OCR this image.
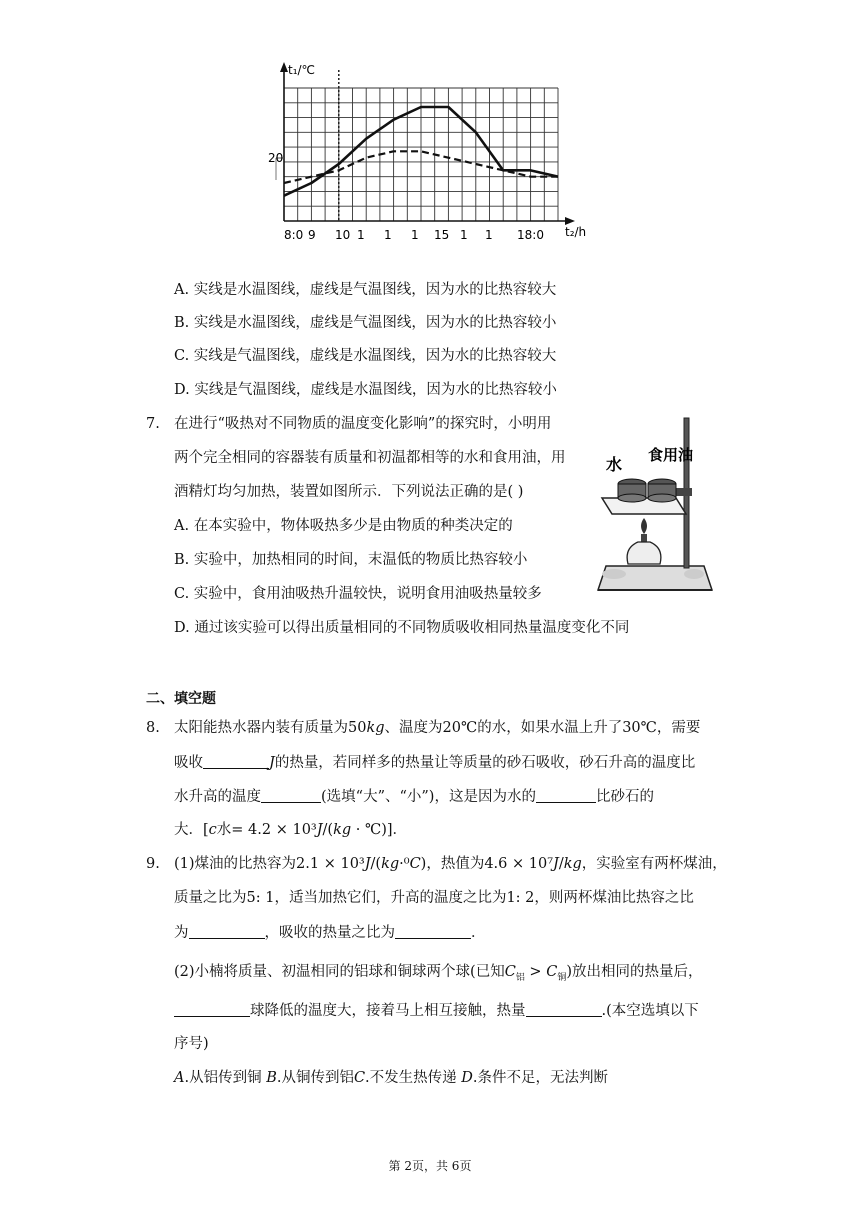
t₁/℃
t₂/h
20
8:0 9 10 1 1 1 15 1 1 18:0
A. 实线是水温图线，虚线是气温图线，因为水的比热容较大
B. 实线是水温图线，虚线是气温图线，因为水的比热容较小
C. 实线是气温图线，虚线是水温图线，因为水的比热容较大
D. 实线是气温图线，虚线是水温图线，因为水的比热容较小
7. 在进行“吸热对不同物质的温度变化影响”的探究时，小明用
两个完全相同的容器装有质量和初温都相等的水和食用油，用
酒精灯均匀加热，装置如图所示．下列说法正确的是( )
A. 在本实验中，物体吸热多少是由物质的种类决定的
B. 实验中，加热相同的时间，末温低的物质比热容较小
C. 实验中，食用油吸热升温较快，说明食用油吸热量较多
D. 通过该实验可以得出质量相同的不同物质吸收相同热量温度变化不同
水 食用油
二、填空题
8. 太阳能热水器内装有质量为50𝑘𝑔、温度为20℃的水，如果水温上升了30℃，需要
吸收	𝐽的热量，若同样多的热量让等质量的砂石吸收，砂石升高的温度比
水升高的温度	(选填“大”、“小”)，这是因为水的	比砂石的
大．[𝑐水= 4.2 × 10³𝐽/(𝑘𝑔 · ℃)]．
9. (1)煤油的比热容为2.1 × 10³𝐽/(𝑘𝑔·⁰𝐶)，热值为4.6 × 10⁷𝐽/𝑘𝑔，实验室有两杯煤油，
质量之比为5: 1，适当加热它们，升高的温度之比为1: 2，则两杯煤油比热容之比
为	，吸收的热量之比为	．
(2)小楠将质量、初温相同的铝球和铜球两个球(已知𝐶$_铝$ > 𝐶$_铜$)放出相同的热量后，
球降低的温度大，接着马上相互接触，热量	.(本空选填以下
序号)
𝐴.从铝传到铜 𝐵.从铜传到铝𝐶.不发生热传递 𝐷.条件不足，无法判断
第 2页，共 6页
